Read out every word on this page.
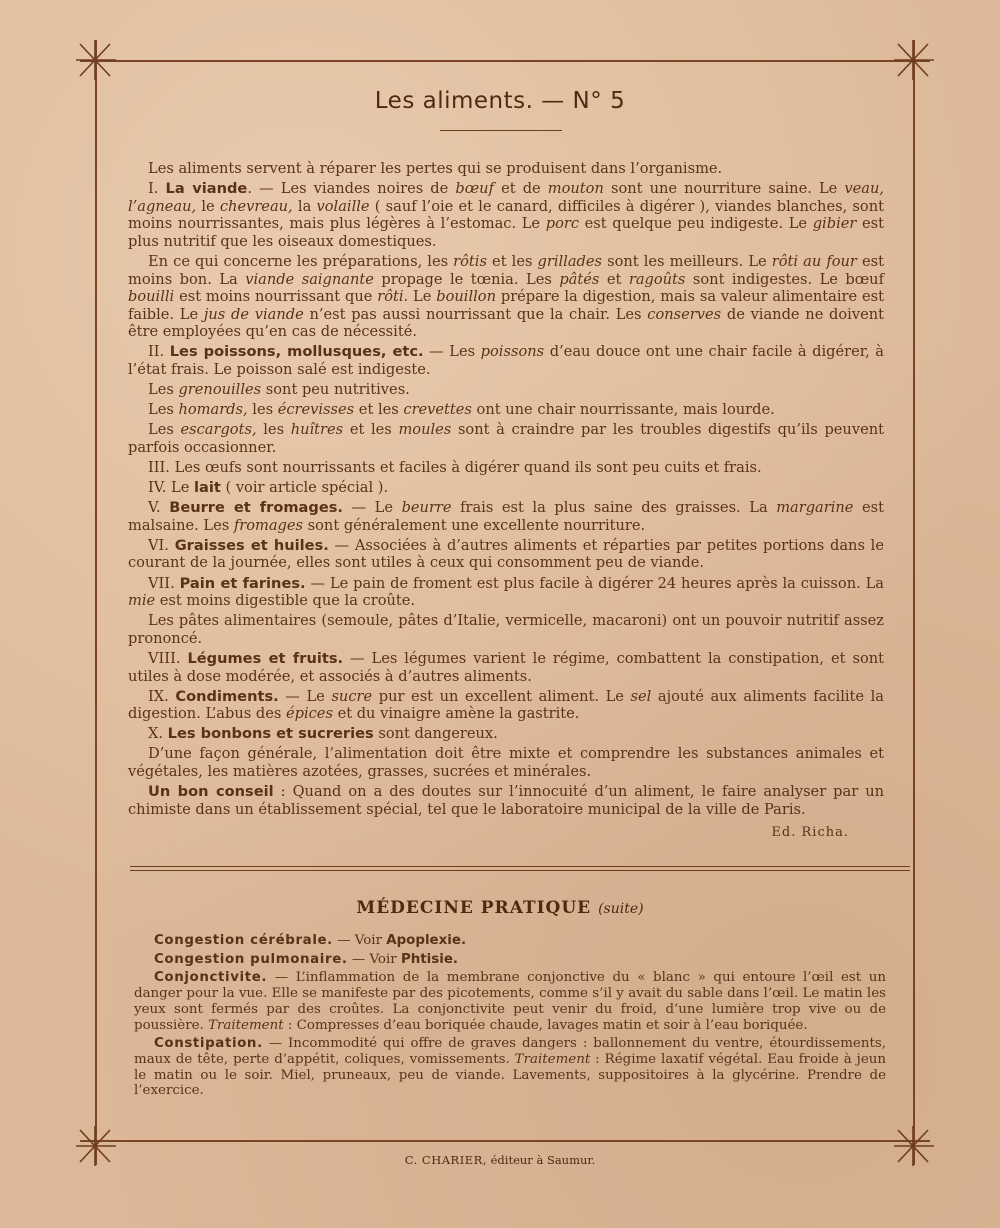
Les aliments. — N° 5

Les aliments servent à réparer les pertes qui se produisent dans l’organisme.

I. La viande. — Les viandes noires de bœuf et de mouton sont une nourriture saine. Le veau, l’agneau, le chevreau, la volaille ( sauf l’oie et le canard, difficiles à digérer ), viandes blanches, sont moins nourrissantes, mais plus légères à l’estomac. Le porc est quelque peu indigeste. Le gibier est plus nutritif que les oiseaux domestiques.

En ce qui concerne les préparations, les rôtis et les grillades sont les meilleurs. Le rôti au four est moins bon. La viande saignante propage le tœnia. Les pâtés et ragoûts sont indigestes. Le bœuf bouilli est moins nourrissant que rôti. Le bouillon prépare la digestion, mais sa valeur alimentaire est faible. Le jus de viande n’est pas aussi nourrissant que la chair. Les conserves de viande ne doivent être employées qu’en cas de nécessité.

II. Les poissons, mollusques, etc. — Les poissons d’eau douce ont une chair facile à digérer, à l’état frais. Le poisson salé est indigeste.

Les grenouilles sont peu nutritives.

Les homards, les écrevisses et les crevettes ont une chair nourrissante, mais lourde.

Les escargots, les huîtres et les moules sont à craindre par les troubles digestifs qu’ils peuvent parfois occasionner.

III. Les œufs sont nourrissants et faciles à digérer quand ils sont peu cuits et frais.

IV. Le lait ( voir article spécial ).

V. Beurre et fromages. — Le beurre frais est la plus saine des graisses. La margarine est malsaine. Les fromages sont généralement une excellente nourriture.

VI. Graisses et huiles. — Associées à d’autres aliments et réparties par petites portions dans le courant de la journée, elles sont utiles à ceux qui consomment peu de viande.

VII. Pain et farines. — Le pain de froment est plus facile à digérer 24 heures après la cuisson. La mie est moins digestible que la croûte.

Les pâtes alimentaires (semoule, pâtes d’Italie, vermicelle, macaroni) ont un pouvoir nutritif assez prononcé.

VIII. Légumes et fruits. — Les légumes varient le régime, combattent la constipation, et sont utiles à dose modérée, et associés à d’autres aliments.

IX. Condiments. — Le sucre pur est un excellent aliment. Le sel ajouté aux aliments facilite la digestion. L’abus des épices et du vinaigre amène la gastrite.

X. Les bonbons et sucreries sont dangereux.

D’une façon générale, l’alimentation doit être mixte et comprendre les substances animales et végétales, les matières azotées, grasses, sucrées et minérales.

Un bon conseil : Quand on a des doutes sur l’innocuité d’un aliment, le faire analyser par un chimiste dans un établissement spécial, tel que le laboratoire municipal de la ville de Paris.

Ed. Richa.
MÉDECINE PRATIQUE (suite)

Congestion cérébrale. — Voir Apoplexie.

Congestion pulmonaire. — Voir Phtisie.

Conjonctivite. — L’inflammation de la membrane conjonctive du « blanc » qui entoure l’œil est un danger pour la vue. Elle se manifeste par des picotements, comme s’il y avait du sable dans l’œil. Le matin les yeux sont fermés par des croûtes. La conjonctivite peut venir du froid, d’une lumière trop vive ou de poussière. Traitement : Compresses d’eau boriquée chaude, lavages matin et soir à l’eau boriquée.

Constipation. — Incommodité qui offre de graves dangers : ballonnement du ventre, étourdissements, maux de tête, perte d’appétit, coliques, vomissements. Traitement : Régime laxatif végétal. Eau froide à jeun le matin ou le soir. Miel, pruneaux, peu de viande. Lavements, suppositoires à la glycérine. Prendre de l’exercice.

C. CHARIER, éditeur à Saumur.
